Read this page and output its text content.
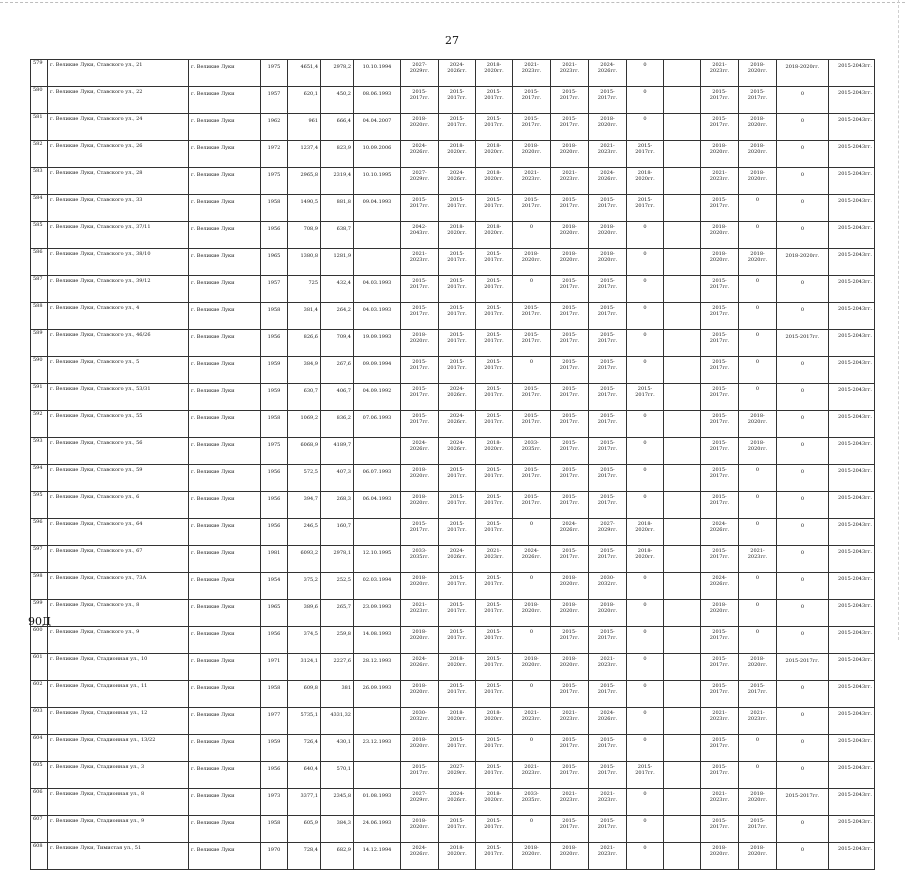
27
579	г. Великие Луки, Ставского ул., 21	г. Великие Луки	1975	4651,4	2978,2	10.10.1994	2027-2029гг.	2024-2026гг.	2018-2020гг.	2021-2023гг.	2021-2023гг.	2024-2026гг.	0		2021-2023гг.	2018-2020гг.	2018-2020гг.	2015-2043гг.
580	г. Великие Луки, Ставского ул., 22	г. Великие Луки	1957	620,1	450,2	08.06.1993	2015-2017гг.	2015-2017гг.	2015-2017гг.	2015-2017гг.	2015-2017гг.	2015-2017гг.	0		2015-2017гг.	2015-2017гг.	0	2015-2043гг.
581	г. Великие Луки, Ставского ул., 24	г. Великие Луки	1962	961	666,4	04.04.2007	2018-2020гг.	2015-2017гг.	2015-2017гг.	2015-2017гг.	2015-2017гг.	2018-2020гг.	0		2015-2017гг.	2018-2020гг.	0	2015-2043гг.
582	г. Великие Луки, Ставского ул., 26	г. Великие Луки	1972	1237,4	823,9	10.09.2006	2024-2026гг.	2018-2020гг.	2018-2020гг.	2018-2020гг.	2018-2020гг.	2021-2023гг.	2015-2017гг.		2018-2020гг.	2018-2020гг.	0	2015-2043гг.
583	г. Великие Луки, Ставского ул., 28	г. Великие Луки	1975	2965,8	2319,4	10.10.1995	2027-2029гг.	2024-2026гг.	2018-2020гг.	2021-2023гг.	2021-2023гг.	2024-2026гг.	2018-2020гг.		2021-2023гг.	2018-2020гг.	0	2015-2043гг.
584	г. Великие Луки, Ставского ул., 33	г. Великие Луки	1958	1490,5	881,8	09.04.1993	2015-2017гг.	2015-2017гг.	2015-2017гг.	2015-2017гг.	2015-2017гг.	2015-2017гг.	2015-2017гг.		2015-2017гг.	0	0	2015-2043гг.
585	г. Великие Луки, Ставского ул., 37/11	г. Великие Луки	1956	708,9	638,7		2042-2043гг.	2018-2020гг.	2018-2020гг.	0	2018-2020гг.	2018-2020гг.	0		2018-2020гг.	0	0	2015-2043гг.
586	г. Великие Луки, Ставского ул., 38/10	г. Великие Луки	1965	1380,8	1281,9		2021-2023гг.	2015-2017гг.	2015-2017гг.	2018-2020гг.	2018-2020гг.	2018-2020гг.	0		2018-2020гг.	2018-2020гг.	2018-2020гг.	2015-2043гг.
587	г. Великие Луки, Ставского ул., 39/12	г. Великие Луки	1957	725	432,4	04.03.1993	2015-2017гг.	2015-2017гг.	2015-2017гг.	0	2015-2017гг.	2015-2017гг.	0		2015-2017гг.	0	0	2015-2043гг.
588	г. Великие Луки, Ставского ул., 4	г. Великие Луки	1958	381,4	264,2	04.03.1993	2015-2017гг.	2015-2017гг.	2015-2017гг.	2015-2017гг.	2015-2017гг.	2015-2017гг.	0		2015-2017гг.	0	0	2015-2043гг.
589	г. Великие Луки, Ставского ул., 46/26	г. Великие Луки	1956	826,6	709,4	19.09.1993	2018-2020гг.	2015-2017гг.	2015-2017гг.	2015-2017гг.	2015-2017гг.	2015-2017гг.	0		2015-2017гг.	0	2015-2017гг.	2015-2043гг.
590	г. Великие Луки, Ставского ул., 5	г. Великие Луки	1959	384,9	267,6	09.09.1994	2015-2017гг.	2015-2017гг.	2015-2017гг.	0	2015-2017гг.	2015-2017гг.	0		2015-2017гг.	0	0	2015-2043гг.
591	г. Великие Луки, Ставского ул., 53/31	г. Великие Луки	1959	630,7	406,7	04.09.1992	2015-2017гг.	2024-2026гг.	2015-2017гг.	2015-2017гг.	2015-2017гг.	2015-2017гг.	2015-2017гг.		2015-2017гг.	0	0	2015-2043гг.
592	г. Великие Луки, Ставского ул., 55	г. Великие Луки	1958	1069,2	836,2	07.06.1993	2015-2017гг.	2024-2026гг.	2015-2017гг.	2015-2017гг.	2015-2017гг.	2015-2017гг.	0		2015-2017гг.	2018-2020гг.	0	2015-2043гг.
593	г. Великие Луки, Ставского ул., 56	г. Великие Луки	1975	6068,9	4189,7		2024-2026гг.	2024-2026гг.	2018-2020гг.	2033-2035гг.	2015-2017гг.	2015-2017гг.	0		2015-2017гг.	2018-2020гг.	0	2015-2043гг.
594	г. Великие Луки, Ставского ул., 59	г. Великие Луки	1956	572,5	407,3	06.07.1993	2018-2020гг.	2015-2017гг.	2015-2017гг.	2015-2017гг.	2015-2017гг.	2015-2017гг.	0		2015-2017гг.	0	0	2015-2043гг.
595	г. Великие Луки, Ставского ул., 6	г. Великие Луки	1956	394,7	268,3	06.04.1993	2018-2020гг.	2015-2017гг.	2015-2017гг.	2015-2017гг.	2015-2017гг.	2015-2017гг.	0		2015-2017гг.	0	0	2015-2043гг.
596	г. Великие Луки, Ставского ул., 64	г. Великие Луки	1956	246,5	160,7		2015-2017гг.	2015-2017гг.	2015-2017гг.	0	2024-2026гг.	2027-2029гг.	2018-2020гг.		2024-2026гг.	0	0	2015-2043гг.
597	г. Великие Луки, Ставского ул., 67	г. Великие Луки	1981	6093,2	2978,1	12.10.1995	2033-2035гг.	2024-2026гг.	2021-2023гг.	2024-2026гг.	2015-2017гг.	2015-2017гг.	2018-2020гг.		2015-2017гг.	2021-2023гг.	0	2015-2043гг.
598	г. Великие Луки, Ставского ул., 73А	г. Великие Луки	1954	375,2	252,5	02.03.1994	2018-2020гг.	2015-2017гг.	2015-2017гг.	0	2018-2020гг.	2030-2032гг.	0		2024-2026гг.	0	0	2015-2043гг.
599	г. Великие Луки, Ставского ул., 8	г. Великие Луки	1965	389,6	265,7	23.09.1993	2021-2023гг.	2015-2017гг.	2015-2017гг.	2018-2020гг.	2018-2020гг.	2018-2020гг.	0		2018-2020гг.	0	0	2015-2043гг.
600	г. Великие Луки, Ставского ул., 9	г. Великие Луки	1956	374,5	259,8	14.08.1993	2018-2020гг.	2015-2017гг.	2015-2017гг.	0	2015-2017гг.	2015-2017гг.	0		2015-2017гг.	0	0	2015-2043гг.
601	г. Великие Луки, Стадионная ул., 10	г. Великие Луки	1971	3124,1	2227,6	28.12.1993	2024-2026гг.	2018-2020гг.	2015-2017гг.	2018-2020гг.	2018-2020гг.	2021-2023гг.	0		2015-2017гг.	2018-2020гг.	2015-2017гг.	2015-2043гг.
602	г. Великие Луки, Стадионная ул., 11	г. Великие Луки	1958	609,8	381	26.09.1993	2018-2020гг.	2015-2017гг.	2015-2017гг.	0	2015-2017гг.	2015-2017гг.	0		2015-2017гг.	2015-2017гг.	0	2015-2043гг.
603	г. Великие Луки, Стадионная ул., 12	г. Великие Луки	1977	5735,1	4331,32		2030-2032гг.	2018-2020гг.	2018-2020гг.	2021-2023гг.	2021-2023гг.	2024-2026гг.	0		2021-2023гг.	2021-2023гг.	0	2015-2043гг.
604	г. Великие Луки, Стадионная ул., 13/22	г. Великие Луки	1959	726,4	430,1	23.12.1993	2018-2020гг.	2015-2017гг.	2015-2017гг.	0	2015-2017гг.	2015-2017гг.	0		2015-2017гг.	0	0	2015-2043гг.
605	г. Великие Луки, Стадионная ул., 3	г. Великие Луки	1956	640,4	570,1		2015-2017гг.	2027-2029гг.	2015-2017гг.	2021-2023гг.	2015-2017гг.	2015-2017гг.	2015-2017гг.		2015-2017гг.	0	0	2015-2043гг.
606	г. Великие Луки, Стадионная ул., 8	г. Великие Луки	1973	3377,1	2345,8	01.08.1993	2027-2029гг.	2024-2026гг.	2018-2020гг.	2033-2035гг.	2021-2023гг.	2021-2023гг.	0		2021-2023гг.	2018-2020гг.	2015-2017гг.	2015-2043гг.
607	г. Великие Луки, Стадионная ул., 9	г. Великие Луки	1958	605,9	384,3	24.06.1993	2018-2020гг.	2015-2017гг.	2015-2017гг.	0	2015-2017гг.	2015-2017гг.	0		2015-2017гг.	2015-2017гг.	0	2015-2043гг.
608	г. Великие Луки, Тимистая ул., 51	г. Великие Луки	1970	728,4	682,9	14.12.1994	2024-2026гг.	2018-2020гг.	2015-2017гг.	2018-2020гг.	2018-2020гг.	2021-2023гг.	0		2018-2020гг.	2018-2020гг.	0	2015-2043гг.
90Д
